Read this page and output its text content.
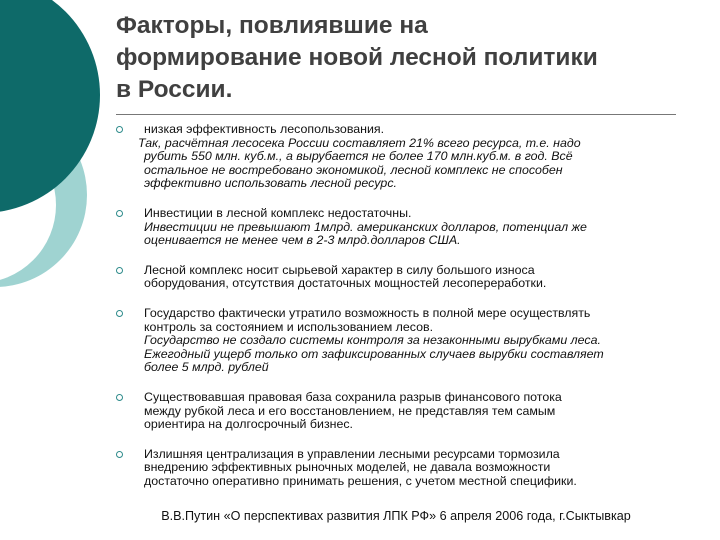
Факторы, повлиявшие на
формирование новой лесной политики
в России.
низкая эффективность лесопользования.
Так, расчётная лесосека России составляет 21% всего ресурса, т.е. надо
рубить 550 млн. куб.м., а вырубается не более 170 млн.куб.м. в год. Всё
остальное не востребовано экономикой, лесной комплекс не способен
эффективно использовать лесной ресурс.
Инвестиции в лесной комплекс недостаточны.
Инвестиции не превышают 1млрд. американских долларов, потенциал же
оценивается не менее чем в 2-3 млрд.долларов США.
Лесной комплекс носит сырьевой характер в силу большого износа
оборудования, отсутствия достаточных мощностей лесопереработки.
Государство фактически утратило возможность в полной мере осуществлять
контроль за состоянием и использованием лесов.
Государство не создало системы контроля за незаконными вырубками леса.
Ежегодный ущерб только от зафиксированных случаев вырубки составляет
более 5 млрд. рублей
Существовавшая правовая база сохранила разрыв финансового потока
между рубкой леса и его восстановлением, не представляя тем самым
ориентира на долгосрочный бизнес.
Излишняя централизация в управлении лесными ресурсами тормозила
внедрению эффективных рыночных моделей, не давала возможности
достаточно оперативно принимать решения, с учетом местной специфики.
В.В.Путин «О перспективах развития ЛПК РФ» 6 апреля 2006 года, г.Сыктывкар
